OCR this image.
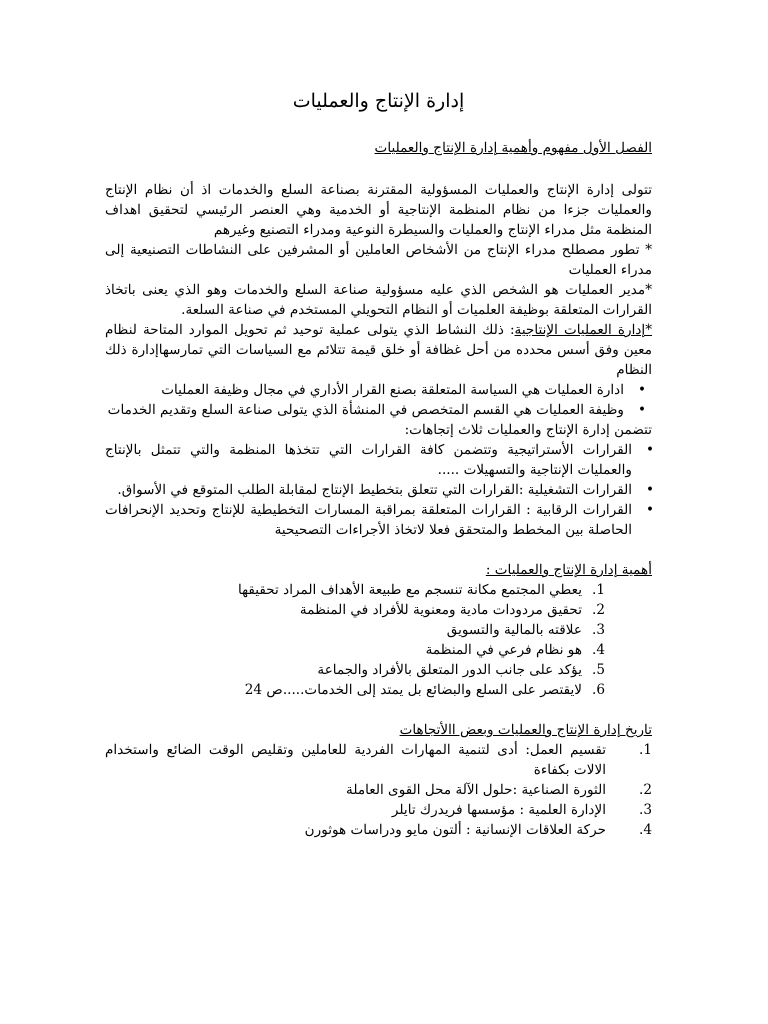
إدارة الإنتاج والعمليات
الفصل الأول مفهوم وأهمية إدارة الإنتاج والعمليات

تتولى إدارة الإنتاج والعمليات المسؤولية المقترنة بصناعة السلع والخدمات اذ أن نظام الإنتاج والعمليات جزءا من نظام المنظمة الإنتاجية أو الخدمية وهي العنصر الرئيسي لتحقيق اهداف المنظمة مثل مدراء الإنتاج والعمليات والسيطرة النوعية ومدراء التصنيع وغيرهم

* تطور مصطلح مدراء الإنتاج من الأشخاص العاملين أو المشرفين على النشاطات التصنيعية إلى مدراء العمليات

*مدير العمليات هو الشخص الذي عليه مسؤولية صناعة السلع والخدمات وهو الذي يعنى باتخاذ القرارات المتعلقة بوظيفة العلميات أو النظام التحويلي المستخدم في صناعة السلعة.

*إدارة العمليات الإنتاجية: ذلك النشاط الذي يتولى عملية توحيد ثم تحويل الموارد المتاحة لنظام معين وفق أسس محدده من أحل غظافة أو خلق قيمة تتلائم مع السياسات التي تمارسهاإدارة ذلك النظام

• ادارة العمليات هي السياسة المتعلقة بصنع القرار الأداري في مجال وظيفة العمليات
• وظيفة العمليات هي القسم المتخصص في المنشأة الذي يتولى صناعة السلع وتقديم الخدمات

تتضمن إدارة الإنتاج والعمليات ثلاث إتجاهات:

• القرارات الأستراتيجية وتتضمن كافة القرارات التي تتخذها المنظمة والتي تتمثل بالإنتاج والعمليات الإنتاجية والتسهيلات .....
• القرارات التشغيلية :القرارات التي تتعلق بتخطيط الإنتاج لمقابلة الطلب المتوقع في الأسواق.
• القرارات الرقابية : القرارات المتعلقة بمراقبة المسارات التخطيطية للإنتاج وتحديد الإنحرافات الحاصلة بين المخطط والمتحقق فعلا لاتخاذ الأجراءات التصحيحية
أهمية إدارة الإنتاج والعمليات :
.1
يعطي المجتمع مكانة تنسجم مع طبيعة الأهداف المراد تحقيقها
.2
تحقيق مردودات مادية ومعنوية للأفراد في المنظمة
.3
علاقته بالمالية والتسويق
.4
هو نظام فرعي في المنظمة
.5
يؤكد على جانب الدور المتعلق بالأفراد والجماعة
.6
لايقتصر على السلع والبضائع بل يمتد إلى الخدمات.....ص 24
تاريخ إدارة الإنتاج والعمليات وبعض االأتجاهات
.1
تقسيم العمل: أدى لتنمية المهارات الفردية للعاملين وتقليص الوقت الضائع واستخدام الالات بكفاءة
.2
الثورة الصناعية :حلول الآلة محل القوى العاملة
.3
الإدارة العلمية : مؤسسها فريدرك تايلر
.4
حركة العلاقات الإنسانية : ألتون مايو ودراسات هوثورن
